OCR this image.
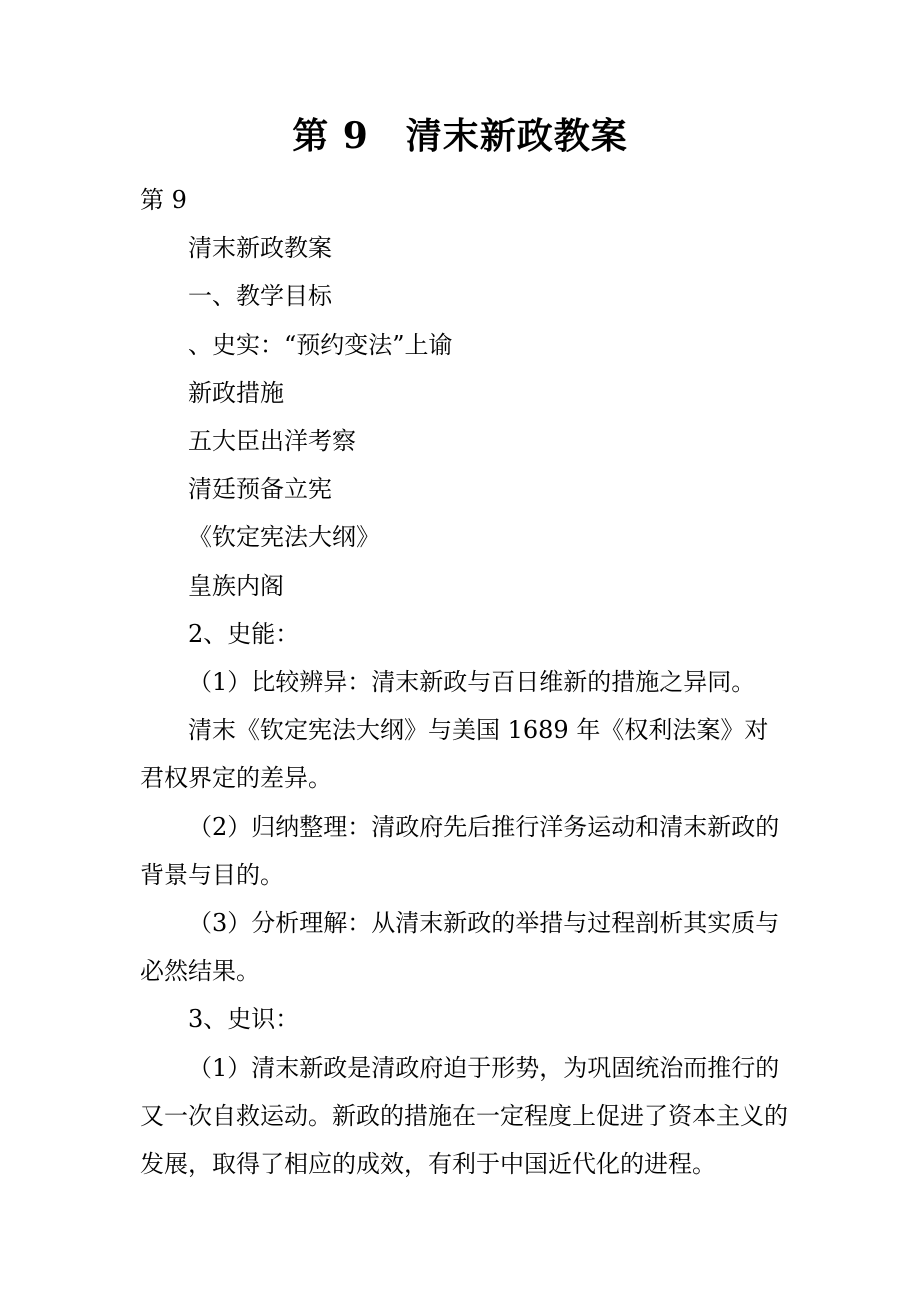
第 9　清末新政教案

第 9

清末新政教案

一、教学目标

、史实：“预约变法”上谕

新政措施

五大臣出洋考察

清廷预备立宪

《钦定宪法大纲》

皇族内阁

2、史能：

（1）比较辨异：清末新政与百日维新的措施之异同。

清末《钦定宪法大纲》与美国 1689 年《权利法案》对君权界定的差异。

（2）归纳整理：清政府先后推行洋务运动和清末新政的背景与目的。

（3）分析理解：从清末新政的举措与过程剖析其实质与必然结果。

3、史识：

（1）清末新政是清政府迫于形势，为巩固统治而推行的又一次自救运动。新政的措施在一定程度上促进了资本主义的发展，取得了相应的成效，有利于中国近代化的进程。
